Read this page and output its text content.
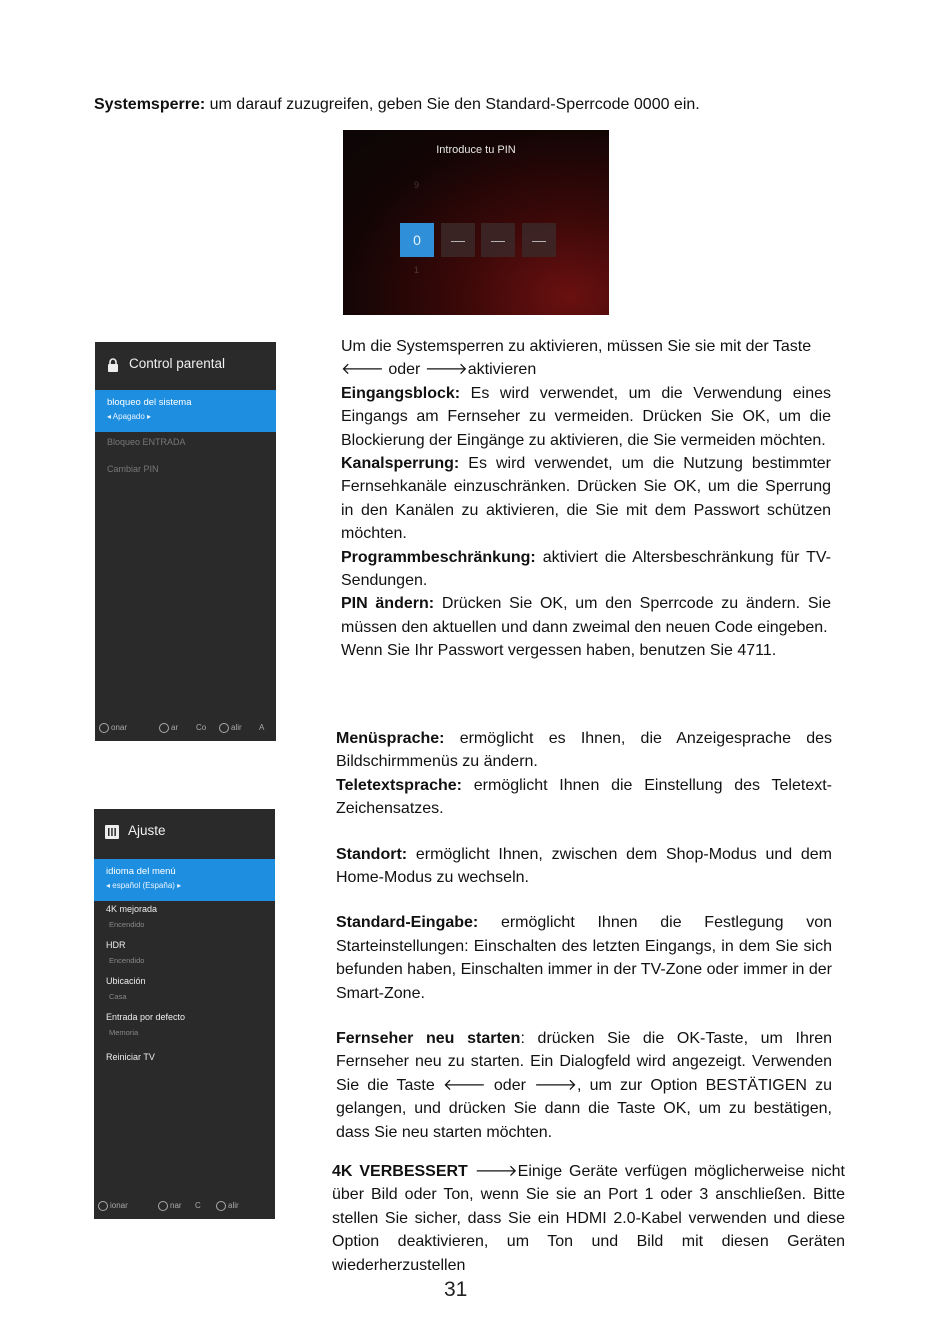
Systemsperre: um darauf zuzugreifen, geben Sie den Standard-Sperrcode 0000 ein.

Introduce tu PIN
9
1
0	—	—	—
Control parental
bloqueo del sistema
◂ Apagado ▸
Bloqueo ENTRADA
Cambiar PIN
onar	ar Co	alir A

Um die Systemsperren zu aktivieren, müssen Sie sie mit der Taste

🡐 oder 🡒aktivieren

Eingangsblock: Es wird verwendet, um die Verwendung eines Eingangs am Fernseher zu vermeiden. Drücken Sie OK, um die Blockierung der Eingänge zu aktivieren, die Sie vermeiden möchten.

Kanalsperrung: Es wird verwendet, um die Nutzung bestimmter Fernsehkanäle einzuschränken. Drücken Sie OK, um die Sperrung in den Kanälen zu aktivieren, die Sie mit dem Passwort schützen möchten.

Programmbeschränkung: aktiviert die Altersbeschränkung für TV-Sendungen.

PIN ändern: Drücken Sie OK, um den Sperrcode zu ändern. Sie müssen den aktuellen und dann zweimal den neuen Code eingeben.

Wenn Sie Ihr Passwort vergessen haben, benutzen Sie 4711.

Ajuste
idioma del menú
◂ español (España) ▸
4K mejorada
Encendido
HDR
Encendido
Ubicación
Casa
Entrada por defecto
Memoria
Reiniciar TV
ionar	nar C	alir

Menüsprache: ermöglicht es Ihnen, die Anzeigesprache des Bildschirmmenüs zu ändern.

Teletextsprache: ermöglicht Ihnen die Einstellung des Teletext-Zeichensatzes.

Standort: ermöglicht Ihnen, zwischen dem Shop-Modus und dem Home-Modus zu wechseln.

Standard-Eingabe: ermöglicht Ihnen die Festlegung von Starteinstellungen: Einschalten des letzten Eingangs, in dem Sie sich befunden haben, Einschalten immer in der TV-Zone oder immer in der Smart-Zone.

Fernseher neu starten: drücken Sie die OK-Taste, um Ihren Fernseher neu zu starten. Ein Dialogfeld wird angezeigt. Verwenden Sie die Taste 🡐 oder 🡒, um zur Option BESTÄTIGEN zu gelangen, und drücken Sie dann die Taste OK, um zu bestätigen, dass Sie neu starten möchten.

4K VERBESSERT 🡒Einige Geräte verfügen möglicherweise nicht über Bild oder Ton, wenn Sie sie an Port 1 oder 3 anschließen. Bitte stellen Sie sicher, dass Sie ein HDMI 2.0-Kabel verwenden und diese Option deaktivieren, um Ton und Bild mit diesen Geräten wiederherzustellen

31
